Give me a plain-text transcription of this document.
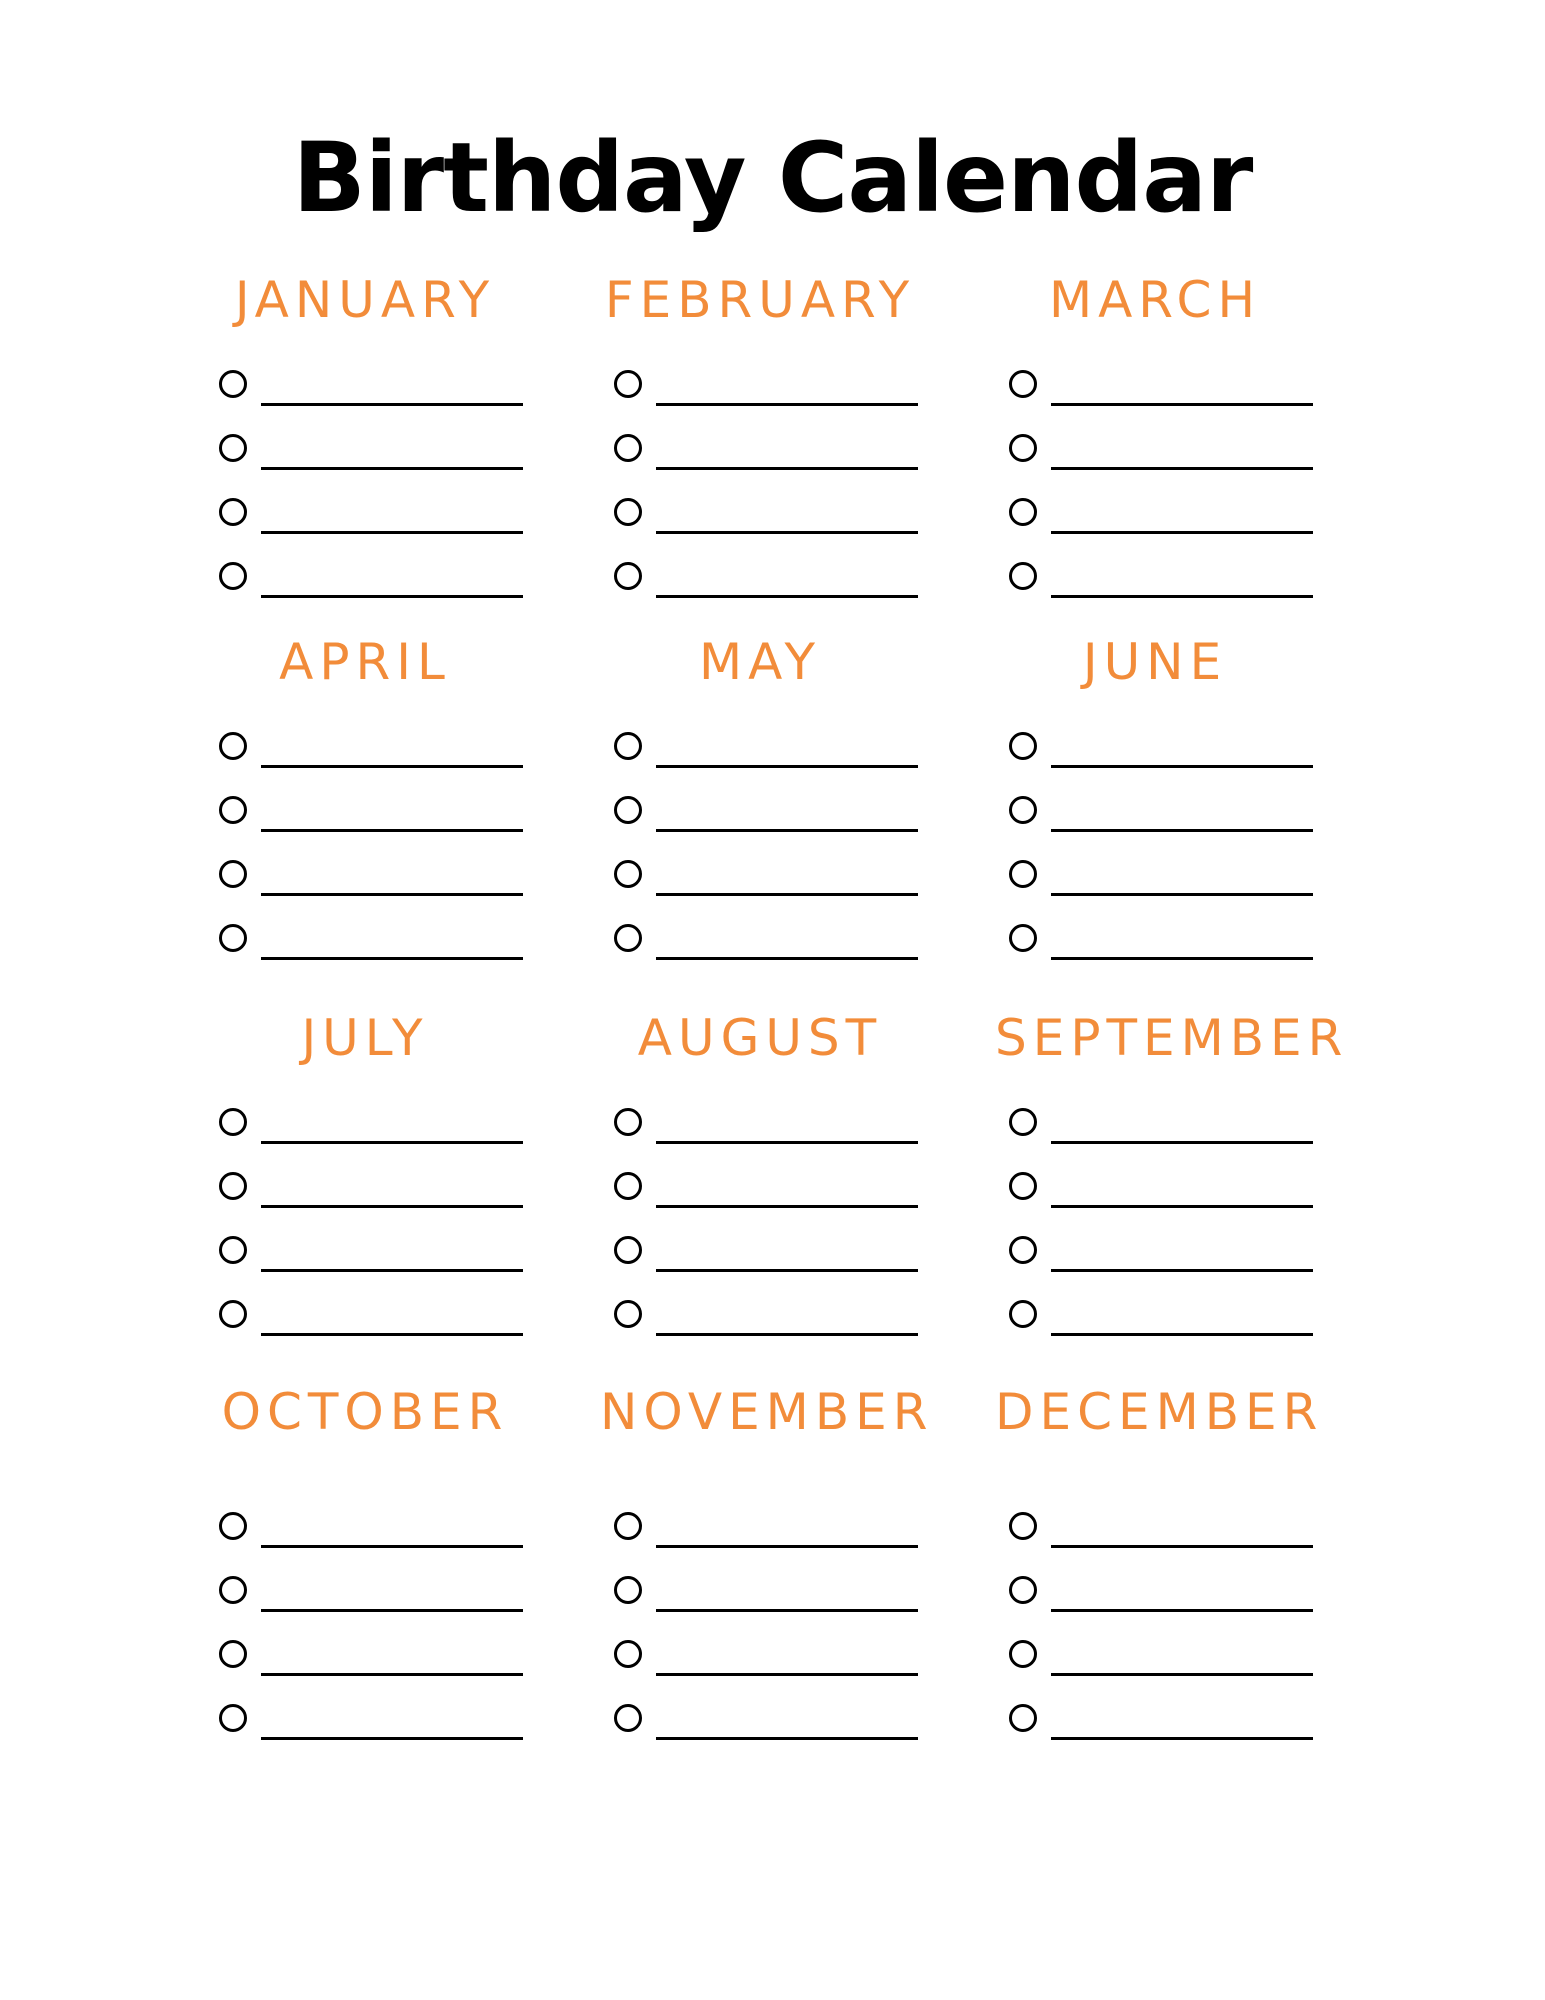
Birthday Calendar
JANUARY	FEBRUARY	MARCH
APRIL	MAY	JUNE
JULY	AUGUST	SEPTEMBER
OCTOBER	NOVEMBER DECEMBER
